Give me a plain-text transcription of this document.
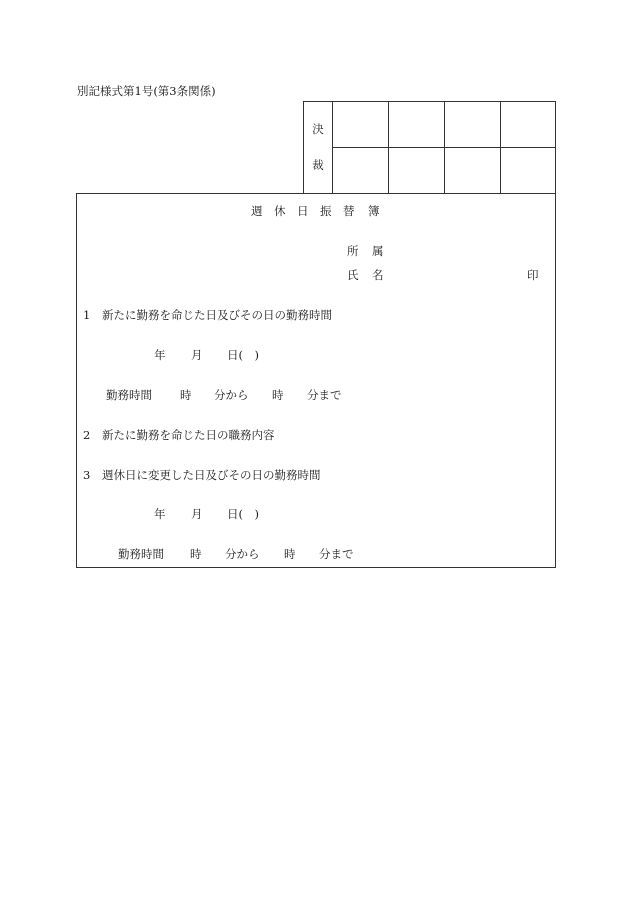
別記様式第1号(第3条関係)
決
裁
週 休 日 振 替 簿
所 属
氏 名	印
1 新たに勤務を命じた日及びその日の勤務時間
年 月 日(　)
勤務時間 時 分から 時 分まで
2 新たに勤務を命じた日の職務内容
3 週休日に変更した日及びその日の勤務時間
年 月 日(　)
勤務時間 時 分から 時 分まで
